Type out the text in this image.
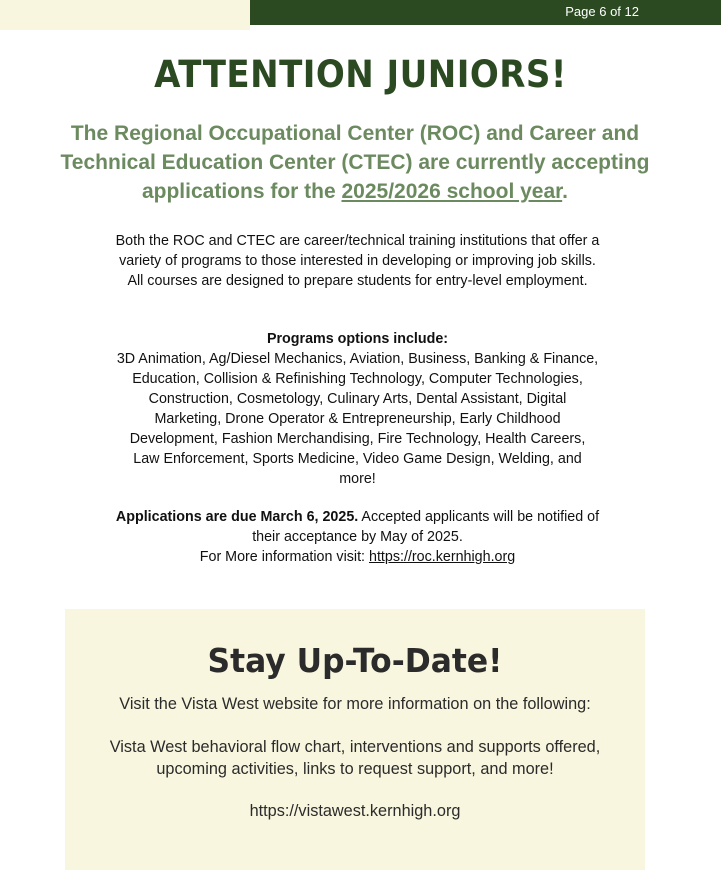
Page 6 of 12
ATTENTION JUNIORS!
The Regional Occupational Center (ROC) and Career and Technical Education Center (CTEC) are currently accepting applications for the 2025/2026 school year.
Both the ROC and CTEC are career/technical training institutions that offer a variety of programs to those interested in developing or improving job skills. All courses are designed to prepare students for entry-level employment.
Programs options include:
3D Animation, Ag/Diesel Mechanics, Aviation, Business, Banking & Finance, Education, Collision & Refinishing Technology, Computer Technologies, Construction, Cosmetology, Culinary Arts, Dental Assistant, Digital Marketing, Drone Operator & Entrepreneurship, Early Childhood Development, Fashion Merchandising, Fire Technology, Health Careers, Law Enforcement, Sports Medicine, Video Game Design, Welding, and more!
Applications are due March 6, 2025. Accepted applicants will be notified of their acceptance by May of 2025.
For More information visit: https://roc.kernhigh.org
Stay Up-To-Date!
Visit the Vista West website for more information on the following:
Vista West behavioral flow chart, interventions and supports offered, upcoming activities, links to request support, and more!
https://vistawest.kernhigh.org
